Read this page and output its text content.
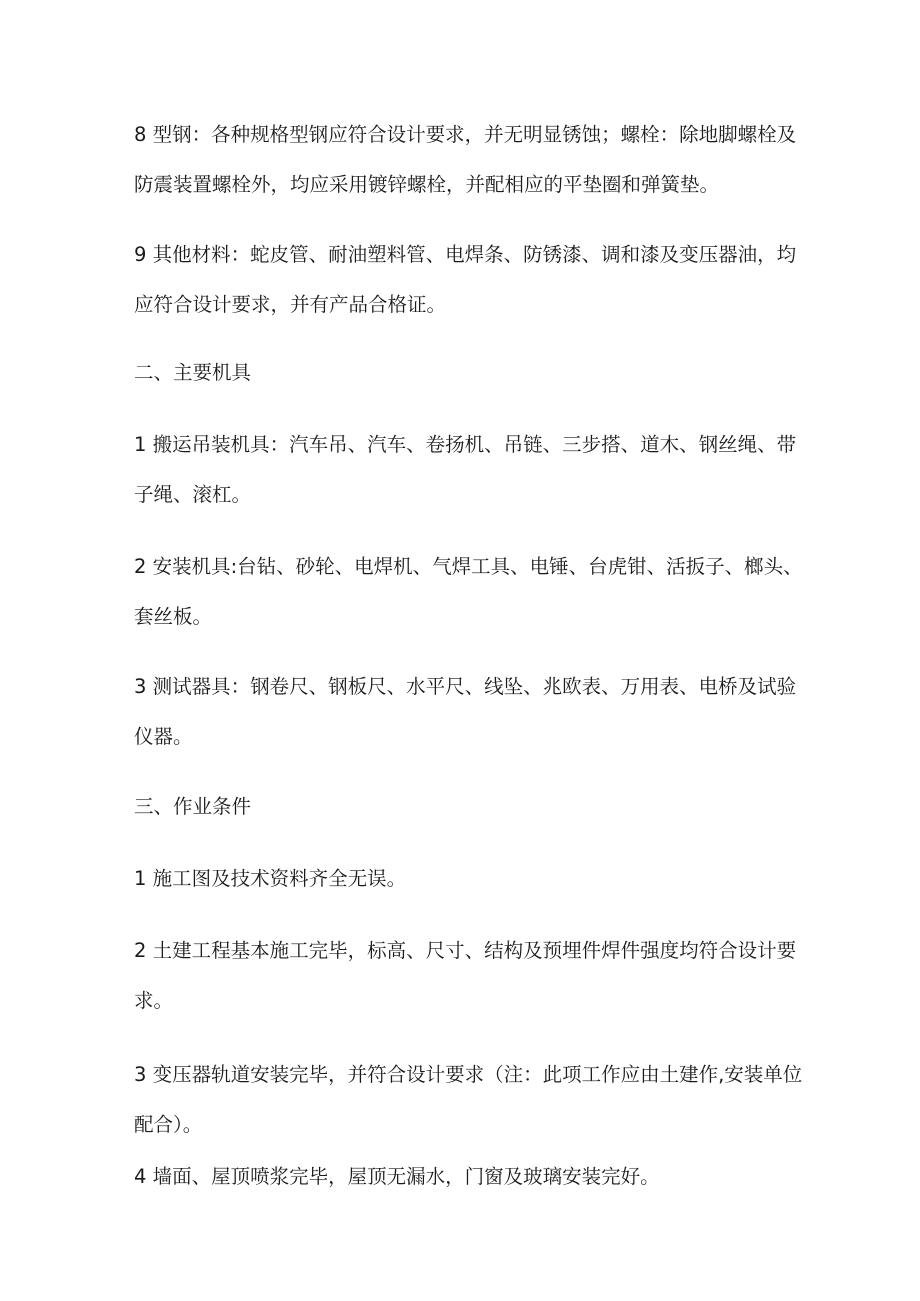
8 型钢：各种规格型钢应符合设计要求，并无明显锈蚀；螺栓：除地脚螺栓及防震装置螺栓外，均应采用镀锌螺栓，并配相应的平垫圈和弹簧垫。

9 其他材料：蛇皮管、耐油塑料管、电焊条、防锈漆、调和漆及变压器油，均应符合设计要求，并有产品合格证。

二、主要机具

1 搬运吊装机具：汽车吊、汽车、卷扬机、吊链、三步搭、道木、钢丝绳、带子绳、滚杠。

2 安装机具:台钻、砂轮、电焊机、气焊工具、电锤、台虎钳、活扳子、榔头、套丝板。

3 测试器具：钢卷尺、钢板尺、水平尺、线坠、兆欧表、万用表、电桥及试验仪器。

三、作业条件

1 施工图及技术资料齐全无误。

2 土建工程基本施工完毕，标高、尺寸、结构及预埋件焊件强度均符合设计要求。

3 变压器轨道安装完毕，并符合设计要求（注：此项工作应由土建作,安装单位配合）。

4 墙面、屋顶喷浆完毕，屋顶无漏水，门窗及玻璃安装完好。
